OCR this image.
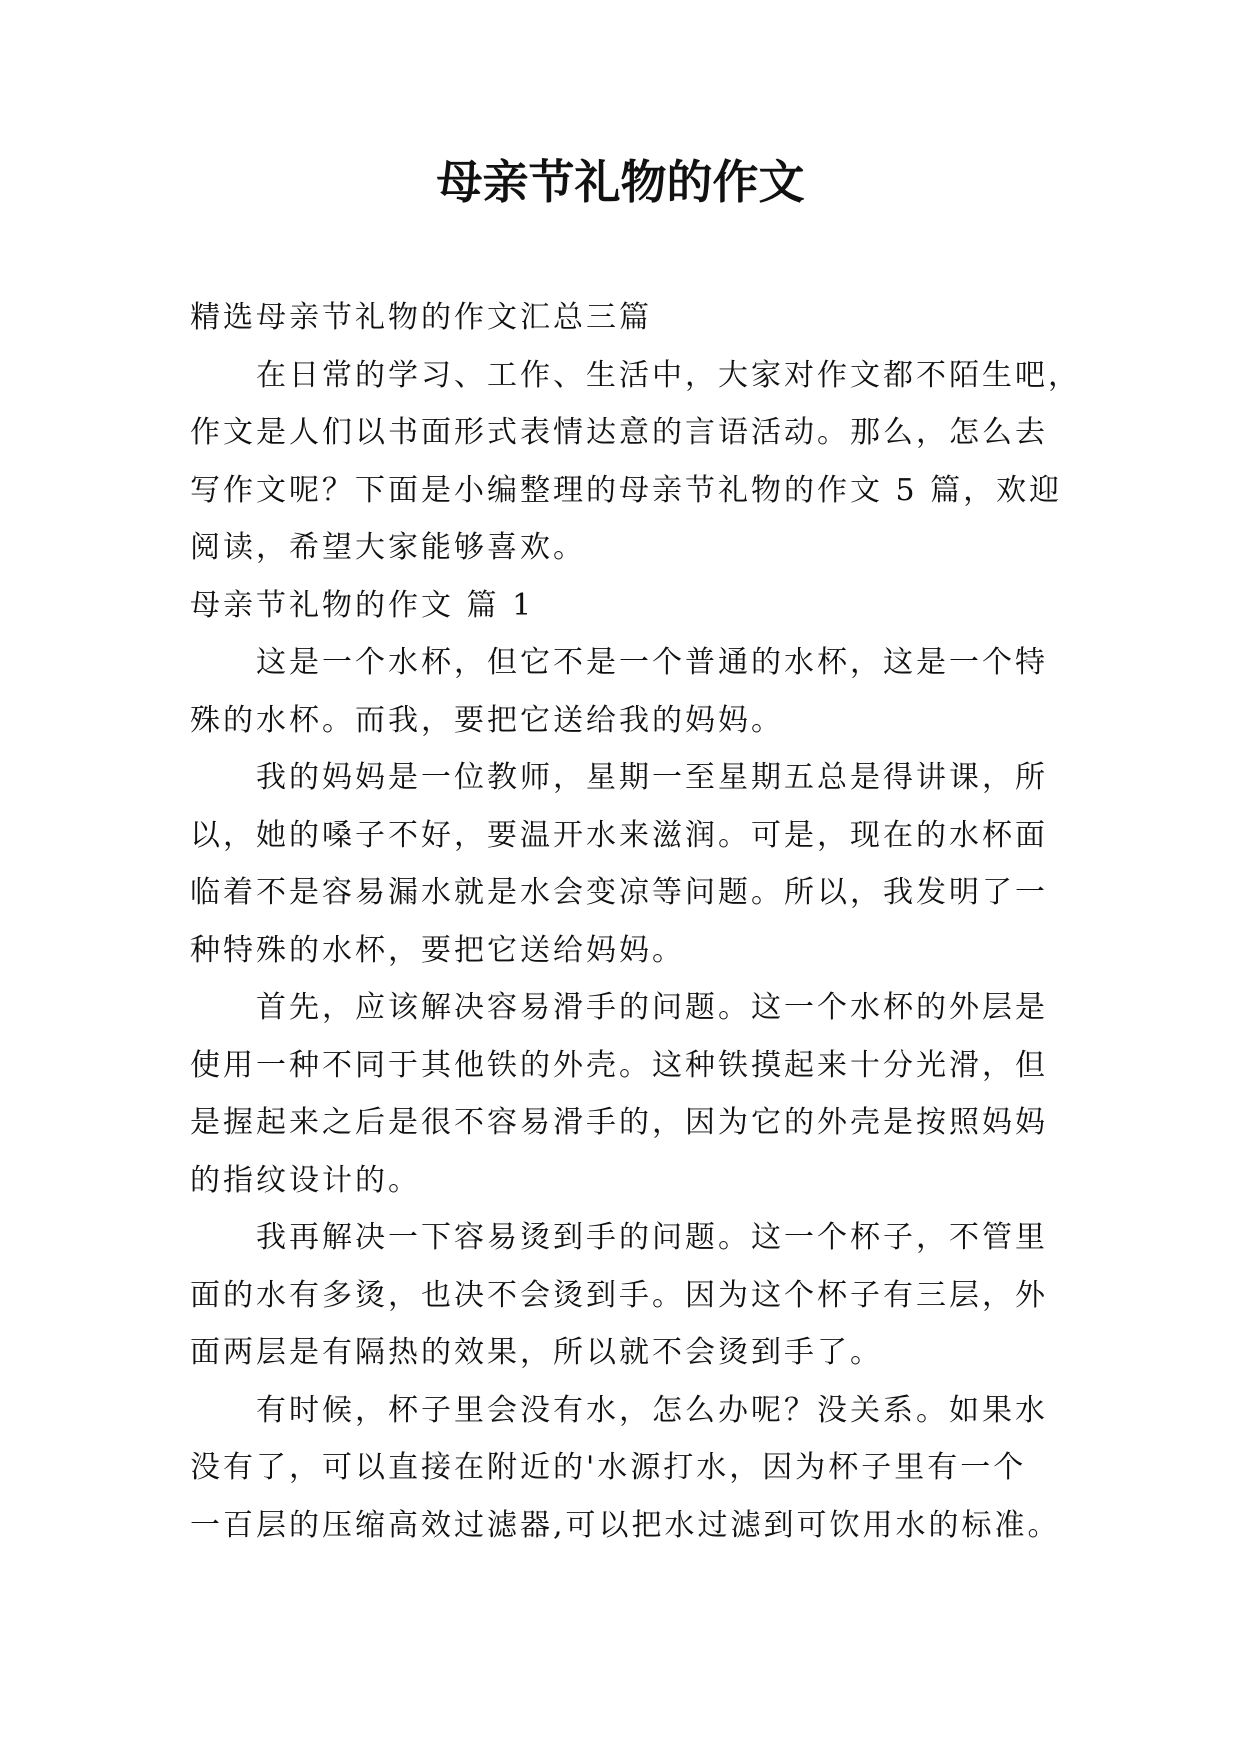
母亲节礼物的作文
精选母亲节礼物的作文汇总三篇
在日常的学习、工作、生活中，大家对作文都不陌生吧，
作文是人们以书面形式表情达意的言语活动。那么，怎么去
写作文呢？下面是小编整理的母亲节礼物的作文 5 篇，欢迎
阅读，希望大家能够喜欢。
母亲节礼物的作文 篇 1
这是一个水杯，但它不是一个普通的水杯，这是一个特
殊的水杯。而我，要把它送给我的妈妈。
我的妈妈是一位教师，星期一至星期五总是得讲课，所
以，她的嗓子不好，要温开水来滋润。可是，现在的水杯面
临着不是容易漏水就是水会变凉等问题。所以，我发明了一
种特殊的水杯，要把它送给妈妈。
首先，应该解决容易滑手的问题。这一个水杯的外层是
使用一种不同于其他铁的外壳。这种铁摸起来十分光滑，但
是握起来之后是很不容易滑手的，因为它的外壳是按照妈妈
的指纹设计的。
我再解决一下容易烫到手的问题。这一个杯子，不管里
面的水有多烫，也决不会烫到手。因为这个杯子有三层，外
面两层是有隔热的效果，所以就不会烫到手了。
有时候，杯子里会没有水，怎么办呢？没关系。如果水
没有了，可以直接在附近的'水源打水，因为杯子里有一个
一百层的压缩高效过滤器,可以把水过滤到可饮用水的标准。
